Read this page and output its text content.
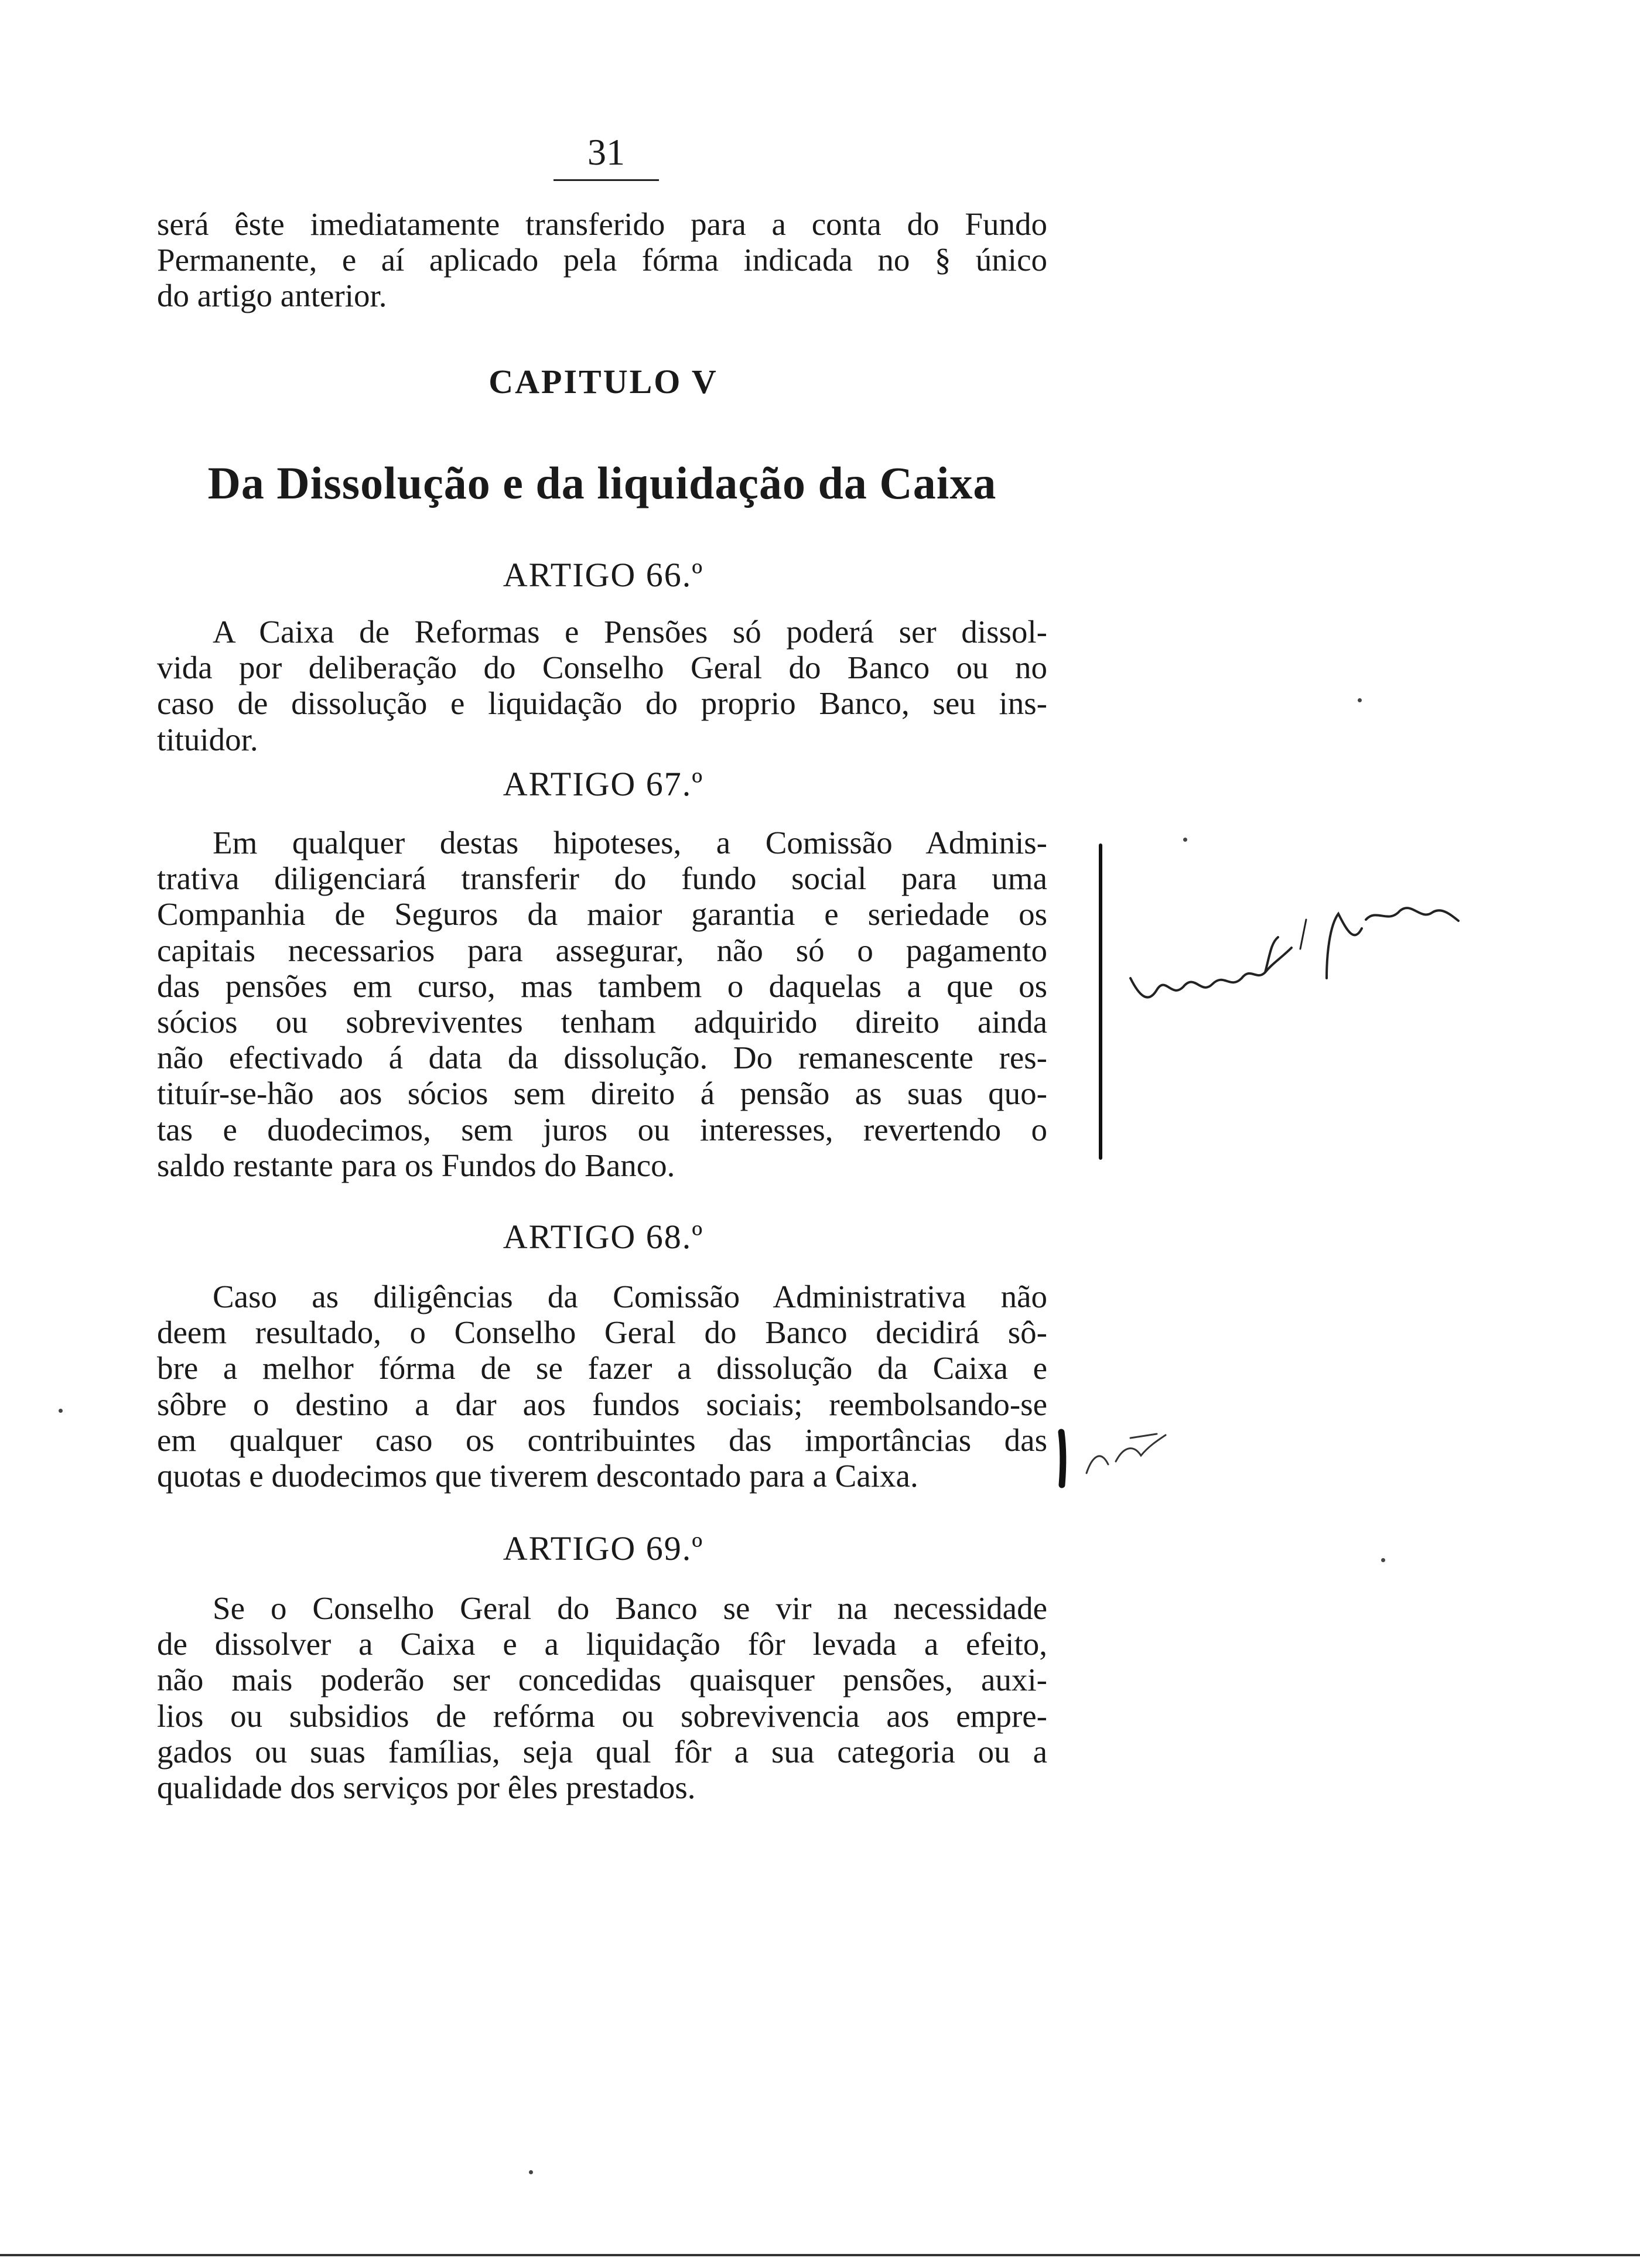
31
será êste imediatamente transferido para a conta do Fundo
Permanente, e aí aplicado pela fórma indicada no § único
do artigo anterior.
CAPITULO V
Da Dissolução e da liquidação da Caixa
ARTIGO 66.º
A Caixa de Reformas e Pensões só poderá ser dissol-
vida por deliberação do Conselho Geral do Banco ou no
caso de dissolução e liquidação do proprio Banco, seu ins-
tituidor.
ARTIGO 67.º
Em qualquer destas hipoteses, a Comissão Adminis-
trativa diligenciará transferir do fundo social para uma
Companhia de Seguros da maior garantia e seriedade os
capitais necessarios para assegurar, não só o pagamento
das pensões em curso, mas tambem o daquelas a que os
sócios ou sobreviventes tenham adquirido direito ainda
não efectivado á data da dissolução. Do remanescente res-
tituír-se-hão aos sócios sem direito á pensão as suas quo-
tas e duodecimos, sem juros ou interesses, revertendo o
saldo restante para os Fundos do Banco.
ARTIGO 68.º
Caso as diligências da Comissão Administrativa não
deem resultado, o Conselho Geral do Banco decidirá sô-
bre a melhor fórma de se fazer a dissolução da Caixa e
sôbre o destino a dar aos fundos sociais; reembolsando-se
em qualquer caso os contribuintes das importâncias das
quotas e duodecimos que tiverem descontado para a Caixa.
ARTIGO 69.º
Se o Conselho Geral do Banco se vir na necessidade
de dissolver a Caixa e a liquidação fôr levada a efeito,
não mais poderão ser concedidas quaisquer pensões, auxi-
lios ou subsidios de refórma ou sobrevivencia aos empre-
gados ou suas famílias, seja qual fôr a sua categoria ou a
qualidade dos serviços por êles prestados.
